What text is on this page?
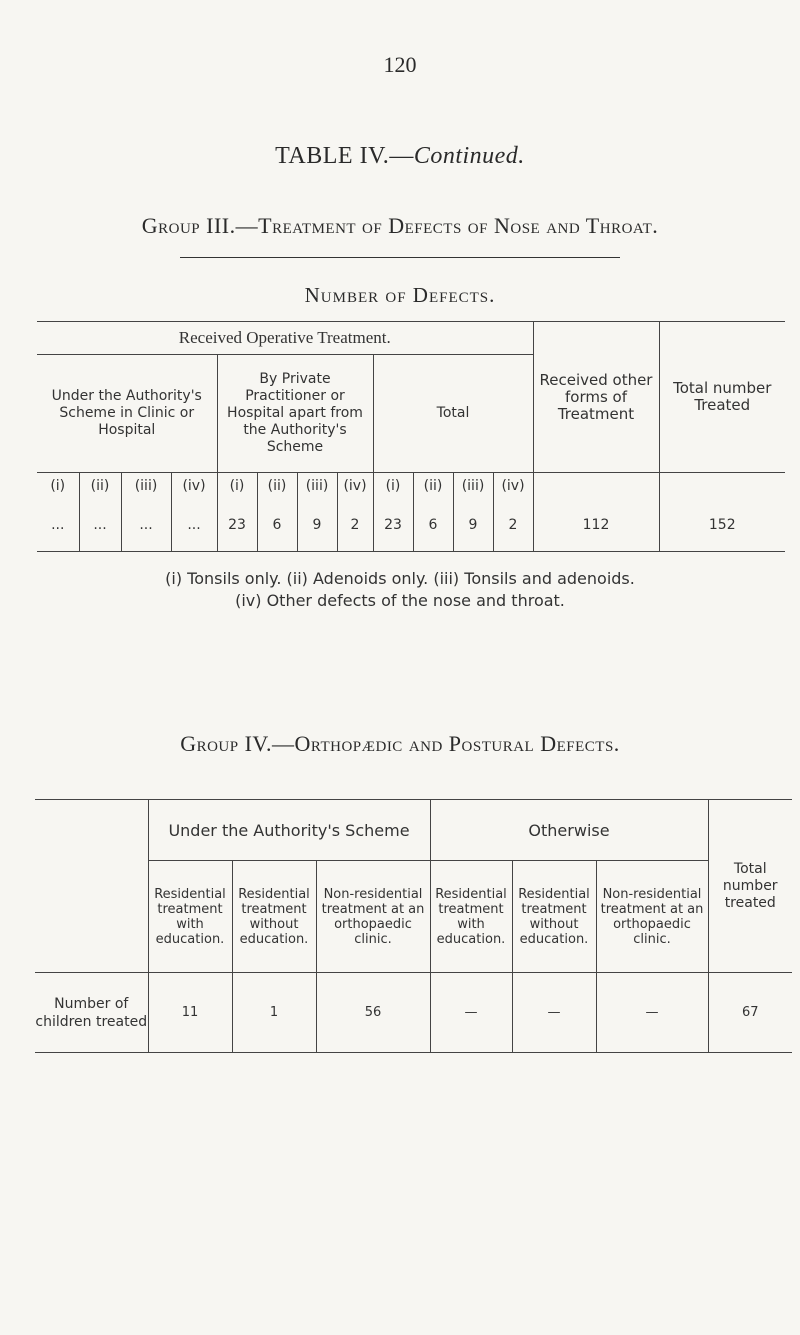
120
TABLE IV.—Continued.
Group III.—Treatment of Defects of Nose and Throat.
Number of Defects.
Received Operative Treatment.												Received other forms of Treatment	Total number Treated
Under the Authority's Scheme in Clinic or Hospital				By Private Practitioner or Hospital apart from the Authority's Scheme				Total					
(i)	(ii)	(iii)	(iv)	(i)	(ii)	(iii)	(iv)	(i)	(ii)	(iii)	(iv)		
...	...	...	...	23	6	9	2	23	6	9	2	112	152
(i) Tonsils only. (ii) Adenoids only. (iii) Tonsils and adenoids.
(iv) Other defects of the nose and throat.
Group IV.—Orthopædic and Postural Defects.
	Under the Authority's Scheme			Otherwise			Total number treated
	Residential treatment with education.	Residential treatment without education.	Non-residential treatment at an orthopaedic clinic.	Residential treatment with education.	Residential treatment without education.	Non-residential treatment at an orthopaedic clinic.	
Number of children treated	11	1	56	—	—	—	67
